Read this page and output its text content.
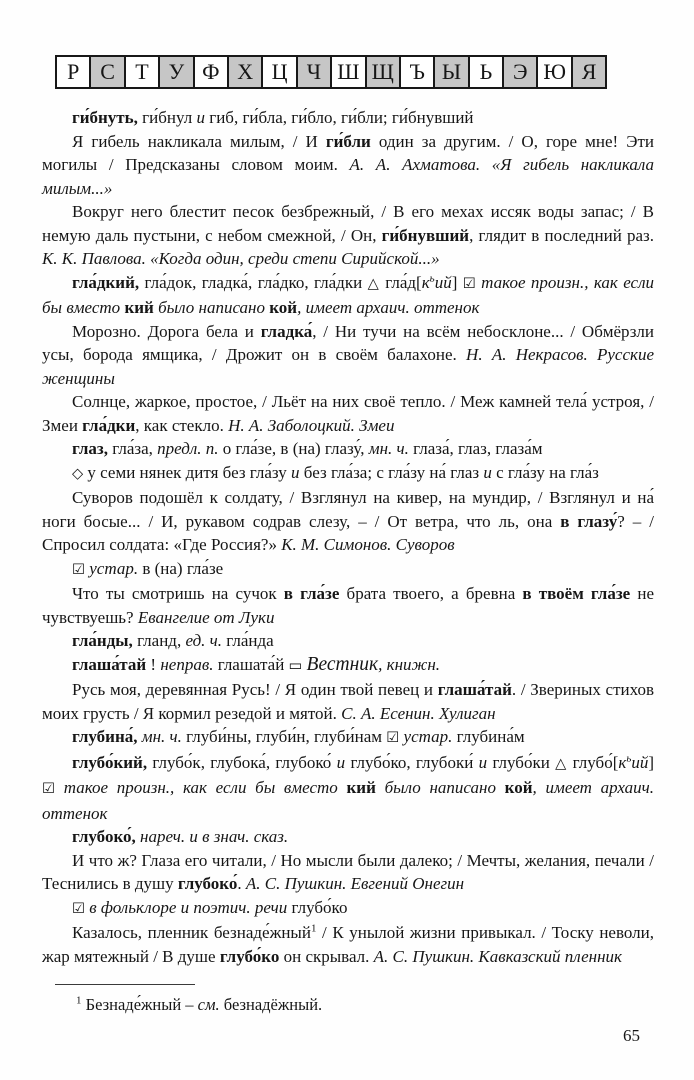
Р С Т У Ф Х Ц Ч Ш Щ Ъ Ы Ь Э Ю Я

ги́бнуть, ги́бнул и гиб, ги́бла, ги́бло, ги́бли; ги́бнувший

Я гибель накликала милым, / И ги́бли один за другим. / О, горе мне! Эти могилы / Предсказаны словом моим. А. А. Ахматова. «Я гибель накликала милым...»

Вокруг него блестит песок безбрежный, / В его мехах иссяк воды запас; / В немую даль пустыни, с небом смежной, / Он, ги́бнувший, глядит в последний раз. К. К. Павлова. «Когда один, среди степи Сирийской...»

гла́дкий, гла́док, гладка́, гла́дко, гла́дки △ $гла́д[к^ьий]$ ☑ такое произн., как если бы вместо кий было написано кой, имеет архаич. оттенок

Морозно. Дорога бела и гладка́, / Ни тучи на всём небосклоне... / Обмёрзли усы, борода ямщика, / Дрожит он в своём балахоне. Н. А. Некрасов. Русские женщины

Солнце, жаркое, простое, / Льёт на них своё тепло. / Меж камней тела́ устроя, / Змеи гла́дки, как стекло. Н. А. Заболоцкий. Змеи

глаз, гла́за, предл. п. о гла́зе, в (на) глазу́, мн. ч. глаза́, глаз, глаза́м

◇ у семи нянек дитя без гла́зу и без гла́за; с гла́зу на́ глаз и с гла́зу на гла́з

Суворов подошёл к солдату, / Взглянул на кивер, на мундир, / Взглянул и на́ ноги босые... / И, рукавом содрав слезу, – / От ветра, что ль, она в глазу́? – / Спросил солдата: «Где Россия?» К. М. Симонов. Суворов

☑ устар. в (на) гла́зе

Что ты смотришь на сучок в гла́зе брата твоего, а бревна в твоём гла́зе не чувствуешь? Евангелие от Луки

гла́нды, гланд, ед. ч. гла́нда

глаша́тай ! неправ. глашата́й ▭ Вестник, книжн.

Русь моя, деревянная Русь! / Я один твой певец и глаша́тай. / Звериных стихов моих грусть / Я кормил резедой и мятой. С. А. Есенин. Хулиган

глубина́, мн. ч. глуби́ны, глуби́н, глуби́нам ☑ устар. глубина́м

глубо́кий, глубо́к, глубока́, глубоко́ и глубо́ко, глубоки́ и глубо́ки △ $глубо́[к^ьий]$ ☑ такое произн., как если бы вместо кий было написано кой, имеет архаич. оттенок

глубоко́, нареч. и в знач. сказ.

И что ж? Глаза его читали, / Но мысли были далеко; / Мечты, желания, печали / Теснились в душу глубоко́. А. С. Пушкин. Евгений Онегин

☑ в фольклоре и поэтич. речи глубо́ко

Казалось, пленник безнаде́жный$^1$ / К унылой жизни привыкал. / Тоску неволи, жар мятежный / В душе глубо́ко он скрывал. А. С. Пушкин. Кавказский пленник

$^1$ Безнаде́жный – см. безнадёжный.

65
